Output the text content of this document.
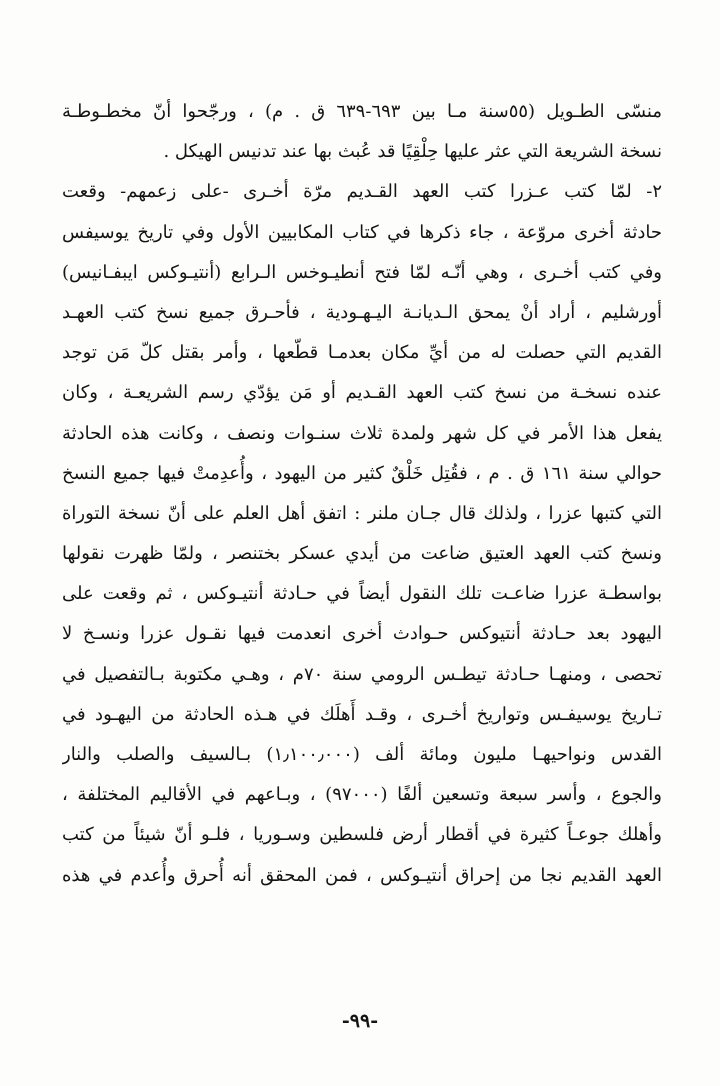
منسّى الطـويل (٥٥سنة مـا بين ٦٩٣-٦٣٩ ق . م) ، ورجّحوا أنّ مخطـوطـة
نسخة الشريعة التي عثر عليها حِلْقِيًا قد عُبث بها عند تدنيس الهيكل .
٢- لمّا كتب عـزرا كتب العهد القـديم مرّة أخـرى -على زعمهم- وقعت
حادثة أخرى مروّعة ، جاء ذكرها في كتاب المكابيين الأول وفي تاريخ يوسيفس
وفي كتب أخـرى ، وهي أنّـه لمّا فتح أنطيـوخس الـرابع (أنتيـوكس ايبفـانيس)
أورشليم ، أراد أنْ يمحق الـديانـة اليـهـودية ، فأحـرق جميع نسخ كتب العهـد
القديم التي حصلت له من أيِّ مكان بعدمـا قطّعها ، وأمر بقتل كلّ مَن توجد
عنده نسخـة من نسخ كتب العهد القـديم أو مَن يؤدّي رسم الشريعـة ، وكان
يفعل هذا الأمر في كل شهر ولمدة ثلاث سنـوات ونصف ، وكانت هذه الحادثة
حوالي سنة ١٦١ ق . م ، فقُتِل خَلْقٌ كثير من اليهود ، وأُعدِمتْ فيها جميع النسخ
التي كتبها عزرا ، ولذلك قال جـان ملنر : اتفق أهل العلم على أنّ نسخة التوراة
ونسخ كتب العهد العتيق ضاعت من أيدي عسكر بختنصر ، ولمّا ظهرت نقولها
بواسطـة عزرا ضاعـت تلك النقول أيضاً في حـادثة أنتيـوكس ، ثم وقعت على
اليهود بعد حـادثة أنتيوكس حـوادث أخرى انعدمت فيها نقـول عزرا ونسـخ لا
تحصى ، ومنهـا حـادثة تيطـس الرومي سنة ٧٠م ، وهـي مكتوبة بـالتفصيل في
تـاريخ يوسيفـس وتواريخ أخـرى ، وقـد أَهلَك في هـذه الحادثة من اليهـود في
القدس ونواحيهـا مليون ومائة ألف (١٫١٠٠٫٠٠٠) بـالسيف والصلب والنار
والجوع ، وأسر سبعة وتسعين ألفًا (٩٧٠٠٠) ، وبـاعهم في الأقاليم المختلفة ،
وأهلك جوعـاً كثيرة في أقطار أرض فلسطين وسـوريا ، فلـو أنّ شيئاً من كتب
العهد القديم نجا من إحراق أنتيـوكس ، فمن المحقق أنه أُحرق وأُعدم في هذه
-٩٩-
